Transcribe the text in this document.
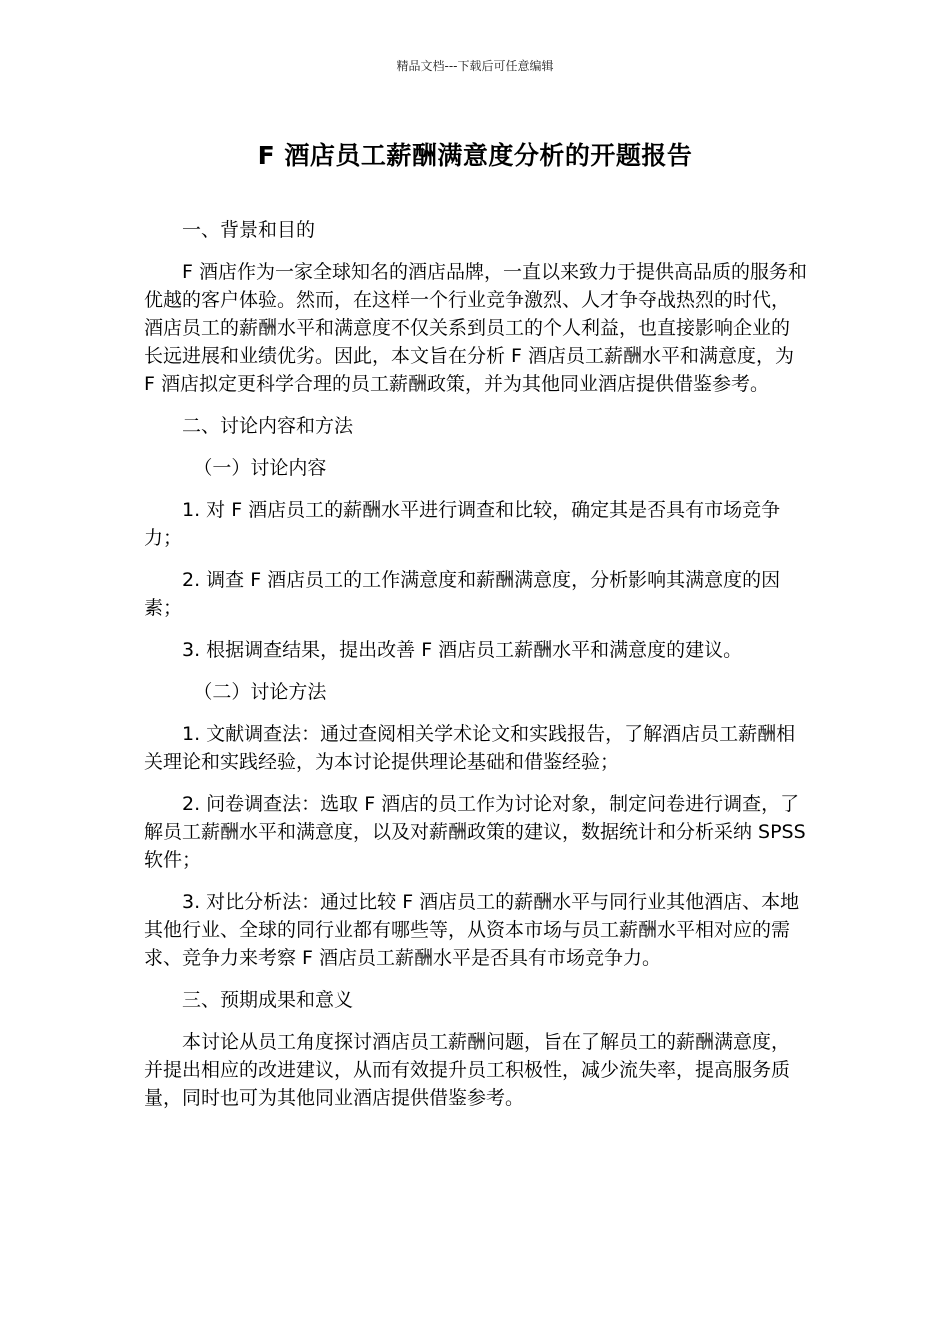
精品文档---下载后可任意编辑
F 酒店员工薪酬满意度分析的开题报告

一、背景和目的

F 酒店作为一家全球知名的酒店品牌，一直以来致力于提供高品质的服务和优越的客户体验。然而，在这样一个行业竞争激烈、人才争夺战热烈的时代，酒店员工的薪酬水平和满意度不仅关系到员工的个人利益，也直接影响企业的长远进展和业绩优劣。因此，本文旨在分析 F 酒店员工薪酬水平和满意度，为 F 酒店拟定更科学合理的员工薪酬政策，并为其他同业酒店提供借鉴参考。

二、讨论内容和方法

（一）讨论内容

1. 对 F 酒店员工的薪酬水平进行调查和比较，确定其是否具有市场竞争力；

2. 调查 F 酒店员工的工作满意度和薪酬满意度，分析影响其满意度的因素；

3. 根据调查结果，提出改善 F 酒店员工薪酬水平和满意度的建议。

（二）讨论方法

1. 文献调查法：通过查阅相关学术论文和实践报告，了解酒店员工薪酬相关理论和实践经验，为本讨论提供理论基础和借鉴经验；

2. 问卷调查法：选取 F 酒店的员工作为讨论对象，制定问卷进行调查，了解员工薪酬水平和满意度，以及对薪酬政策的建议，数据统计和分析采纳 SPSS 软件；

3. 对比分析法：通过比较 F 酒店员工的薪酬水平与同行业其他酒店、本地其他行业、全球的同行业都有哪些等，从资本市场与员工薪酬水平相对应的需求、竞争力来考察 F 酒店员工薪酬水平是否具有市场竞争力。

三、预期成果和意义

本讨论从员工角度探讨酒店员工薪酬问题，旨在了解员工的薪酬满意度，并提出相应的改进建议，从而有效提升员工积极性，减少流失率，提高服务质量，同时也可为其他同业酒店提供借鉴参考。
